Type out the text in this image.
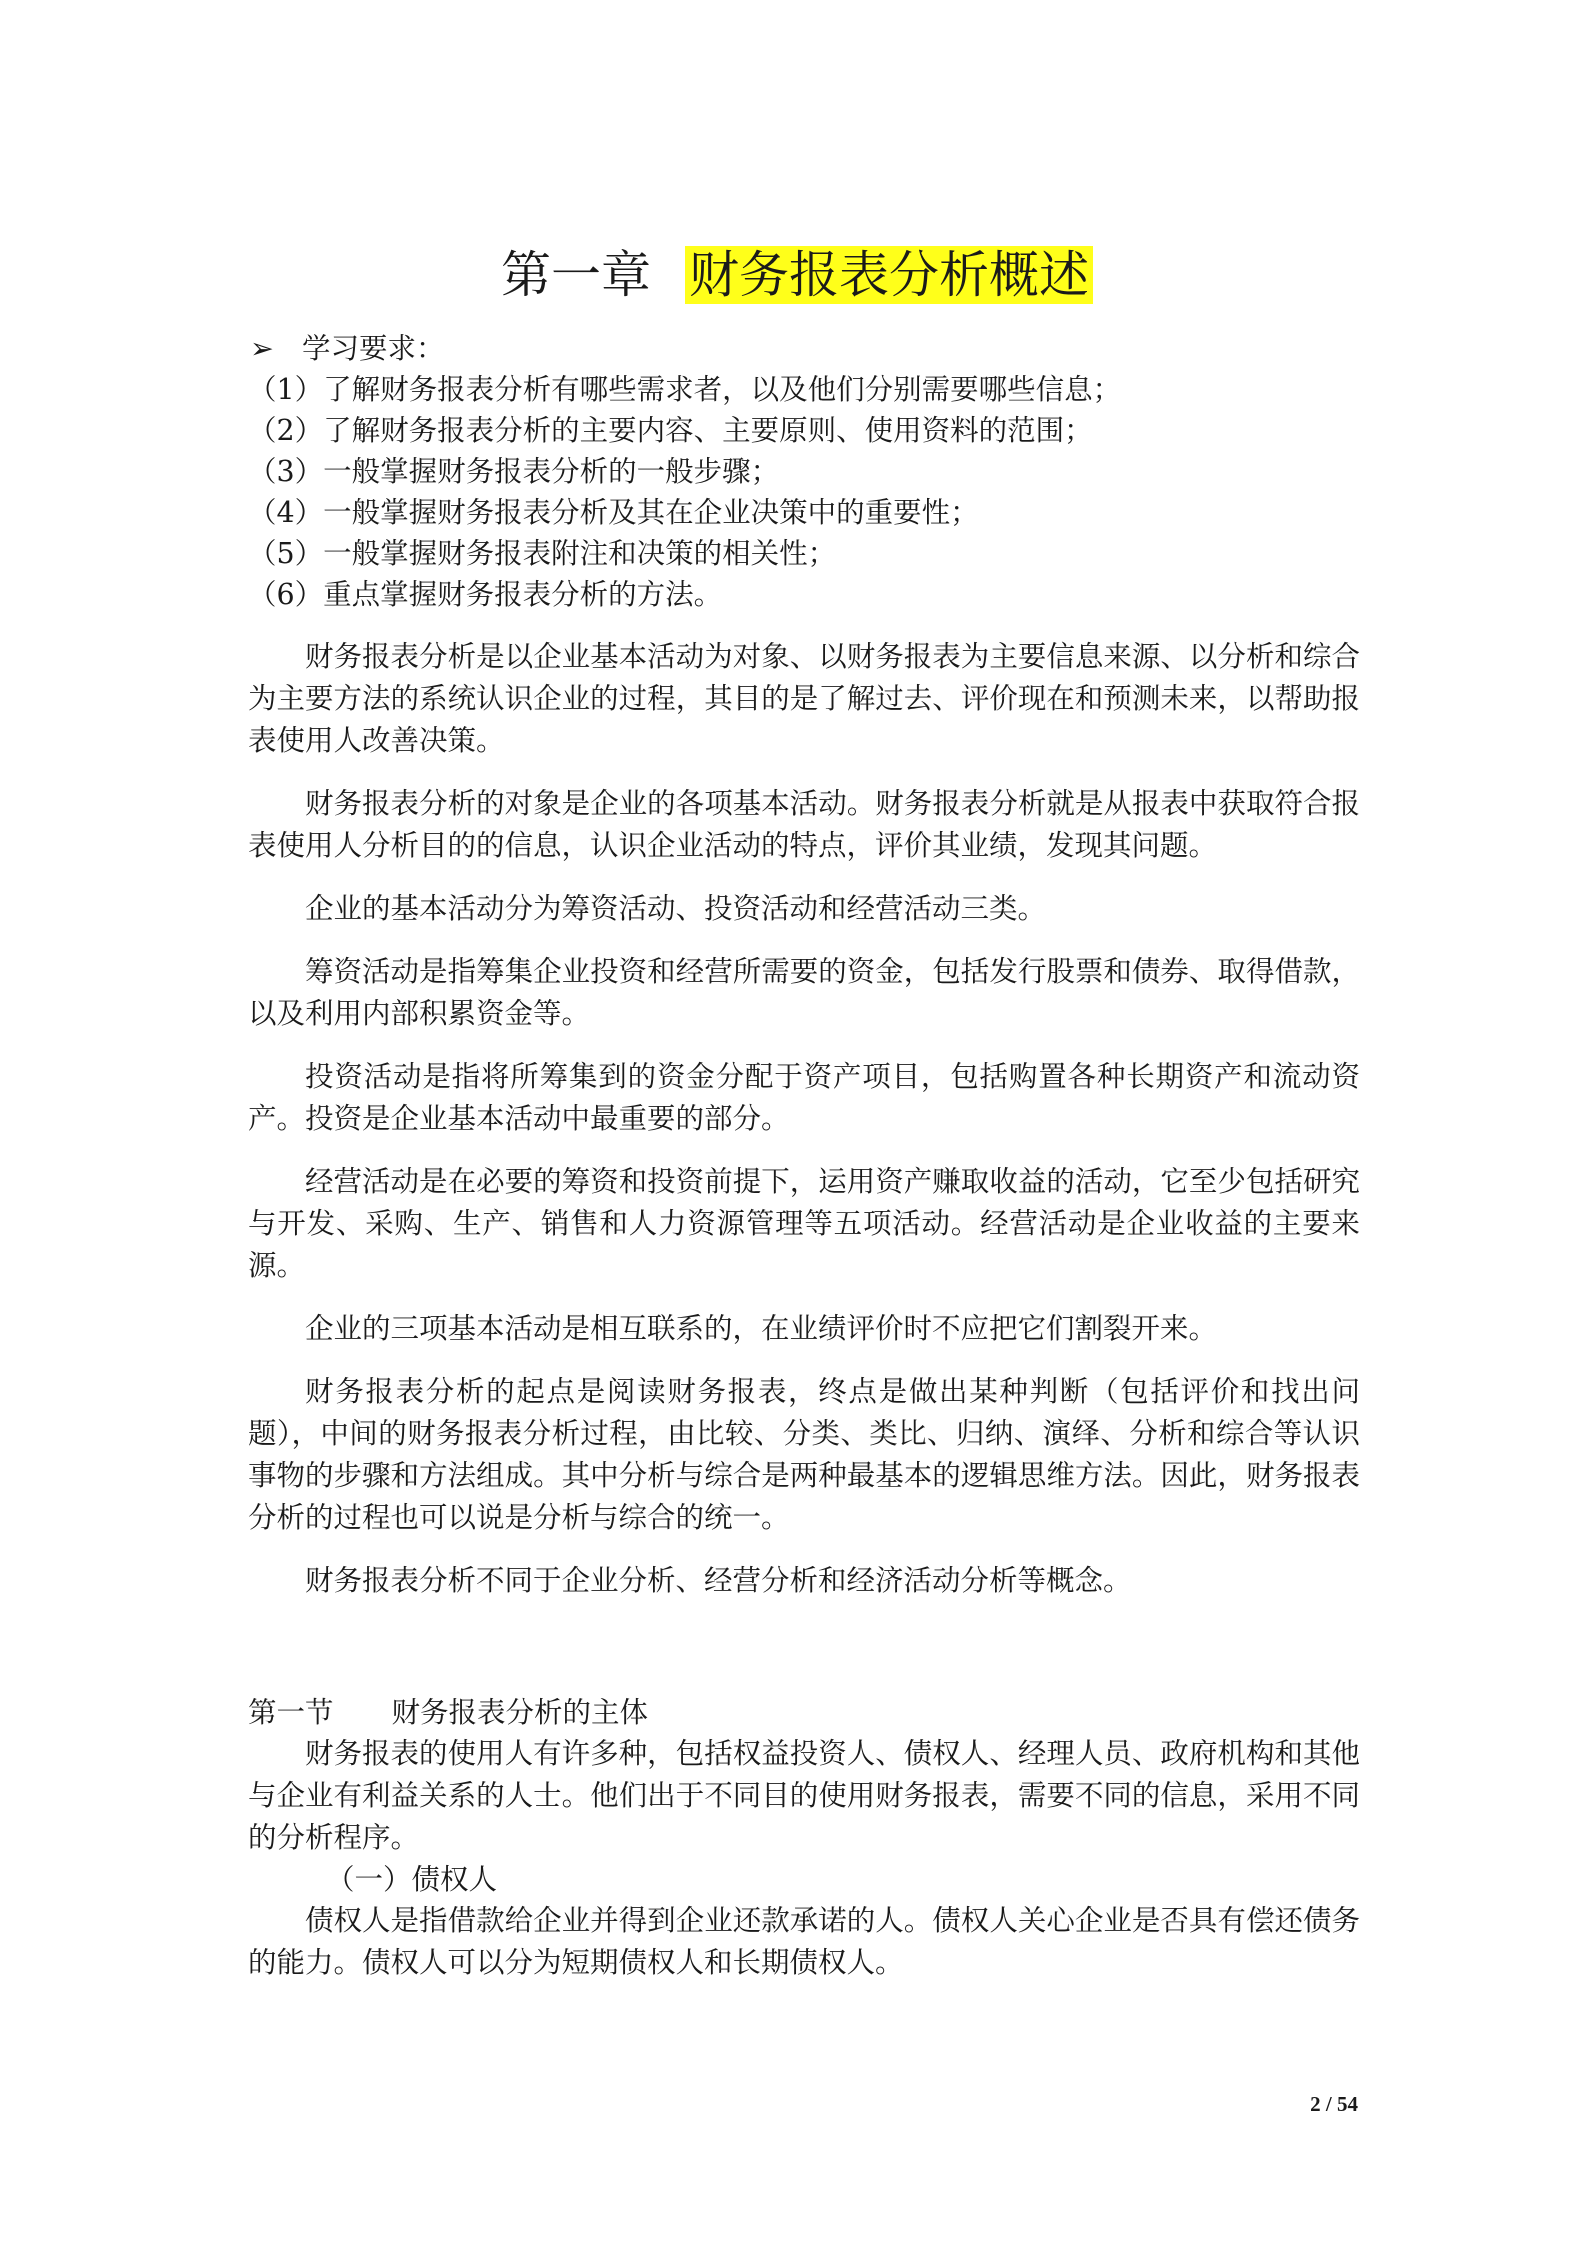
第一章 财务报表分析概述
➢ 学习要求：
（1）了解财务报表分析有哪些需求者，以及他们分别需要哪些信息；
（2）了解财务报表分析的主要内容、主要原则、使用资料的范围；
（3）一般掌握财务报表分析的一般步骤；
（4）一般掌握财务报表分析及其在企业决策中的重要性；
（5）一般掌握财务报表附注和决策的相关性；
（6）重点掌握财务报表分析的方法。

财务报表分析是以企业基本活动为对象、以财务报表为主要信息来源、以分析和综合为主要方法的系统认识企业的过程，其目的是了解过去、评价现在和预测未来，以帮助报表使用人改善决策。

财务报表分析的对象是企业的各项基本活动。财务报表分析就是从报表中获取符合报表使用人分析目的的信息，认识企业活动的特点，评价其业绩，发现其问题。

企业的基本活动分为筹资活动、投资活动和经营活动三类。

筹资活动是指筹集企业投资和经营所需要的资金，包括发行股票和债券、取得借款，以及利用内部积累资金等。

投资活动是指将所筹集到的资金分配于资产项目，包括购置各种长期资产和流动资产。投资是企业基本活动中最重要的部分。

经营活动是在必要的筹资和投资前提下，运用资产赚取收益的活动，它至少包括研究与开发、采购、生产、销售和人力资源管理等五项活动。经营活动是企业收益的主要来源。

企业的三项基本活动是相互联系的，在业绩评价时不应把它们割裂开来。

财务报表分析的起点是阅读财务报表，终点是做出某种判断（包括评价和找出问题），中间的财务报表分析过程，由比较、分类、类比、归纳、演绎、分析和综合等认识事物的步骤和方法组成。其中分析与综合是两种最基本的逻辑思维方法。因此，财务报表分析的过程也可以说是分析与综合的统一。

财务报表分析不同于企业分析、经营分析和经济活动分析等概念。

第一节 财务报表分析的主体

财务报表的使用人有许多种，包括权益投资人、债权人、经理人员、政府机构和其他与企业有利益关系的人士。他们出于不同目的使用财务报表，需要不同的信息，采用不同的分析程序。

（一）债权人

债权人是指借款给企业并得到企业还款承诺的人。债权人关心企业是否具有偿还债务的能力。债权人可以分为短期债权人和长期债权人。

2 / 54
